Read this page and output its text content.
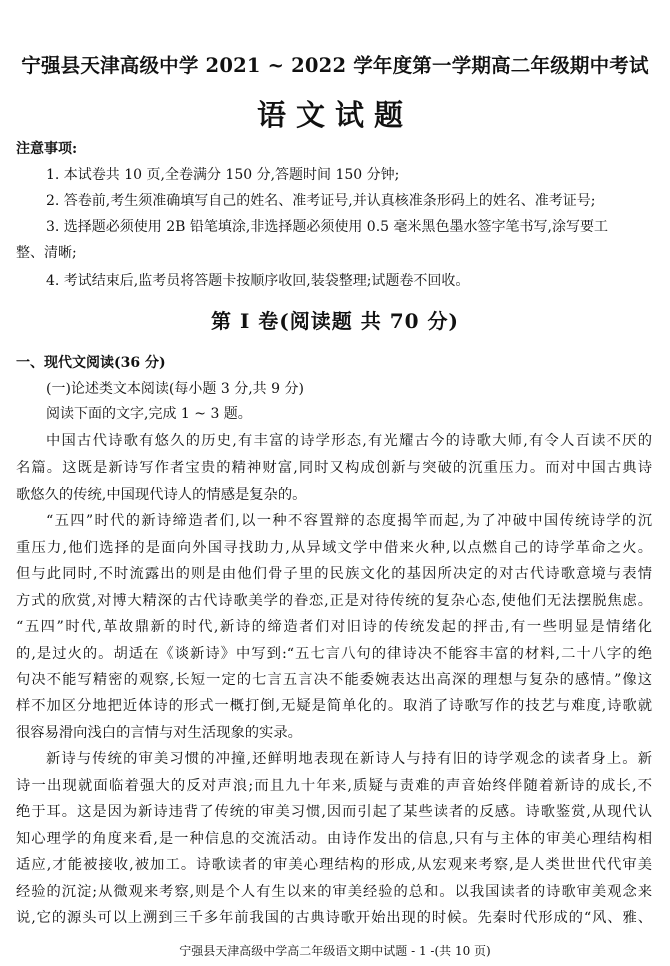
宁强县天津高级中学 2021 ~ 2022 学年度第一学期高二年级期中考试
语文试题
注意事项:
1. 本试卷共 10 页,全卷满分 150 分,答题时间 150 分钟;
2. 答卷前,考生须准确填写自己的姓名、准考证号,并认真核准条形码上的姓名、准考证号;
3. 选择题必须使用 2B 铅笔填涂,非选择题必须使用 0.5 毫米黑色墨水签字笔书写,涂写要工
整、清晰;
4. 考试结束后,监考员将答题卡按顺序收回,装袋整理;试题卷不回收。
第 Ⅰ 卷(阅读题 共 70 分)
一、现代文阅读(36 分)
(一)论述类文本阅读(每小题 3 分,共 9 分)
阅读下面的文字,完成 1 ~ 3 题。
中国古代诗歌有悠久的历史,有丰富的诗学形态,有光耀古今的诗歌大师,有令人百读不厌的
名篇。这既是新诗写作者宝贵的精神财富,同时又构成创新与突破的沉重压力。而对中国古典诗
歌悠久的传统,中国现代诗人的情感是复杂的。
“五四”时代的新诗缔造者们,以一种不容置辩的态度揭竿而起,为了冲破中国传统诗学的沉
重压力,他们选择的是面向外国寻找助力,从异域文学中借来火种,以点燃自己的诗学革命之火。
但与此同时,不时流露出的则是由他们骨子里的民族文化的基因所决定的对古代诗歌意境与表情
方式的欣赏,对博大精深的古代诗歌美学的眷恋,正是对待传统的复杂心态,使他们无法摆脱焦虑。
“五四”时代,革故鼎新的时代,新诗的缔造者们对旧诗的传统发起的抨击,有一些明显是情绪化
的,是过火的。胡适在《谈新诗》中写到:“五七言八句的律诗决不能容丰富的材料,二十八字的绝
句决不能写精密的观察,长短一定的七言五言决不能委婉表达出高深的理想与复杂的感情。”像这
样不加区分地把近体诗的形式一概打倒,无疑是简单化的。取消了诗歌写作的技艺与难度,诗歌就
很容易滑向浅白的言情与对生活现象的实录。
新诗与传统的审美习惯的冲撞,还鲜明地表现在新诗人与持有旧的诗学观念的读者身上。新
诗一出现就面临着强大的反对声浪;而且九十年来,质疑与责难的声音始终伴随着新诗的成长,不
绝于耳。这是因为新诗违背了传统的审美习惯,因而引起了某些读者的反感。诗歌鉴赏,从现代认
知心理学的角度来看,是一种信息的交流活动。由诗作发出的信息,只有与主体的审美心理结构相
适应,才能被接收,被加工。诗歌读者的审美心理结构的形成,从宏观来考察,是人类世世代代审美
经验的沉淀;从微观来考察,则是个人有生以来的审美经验的总和。以我国读者的诗歌审美观念来
说,它的源头可以上溯到三千多年前我国的古典诗歌开始出现的时候。先秦时代形成的“风、雅、
宁强县天津高级中学高二年级语文期中试题 - 1 -(共 10 页)
